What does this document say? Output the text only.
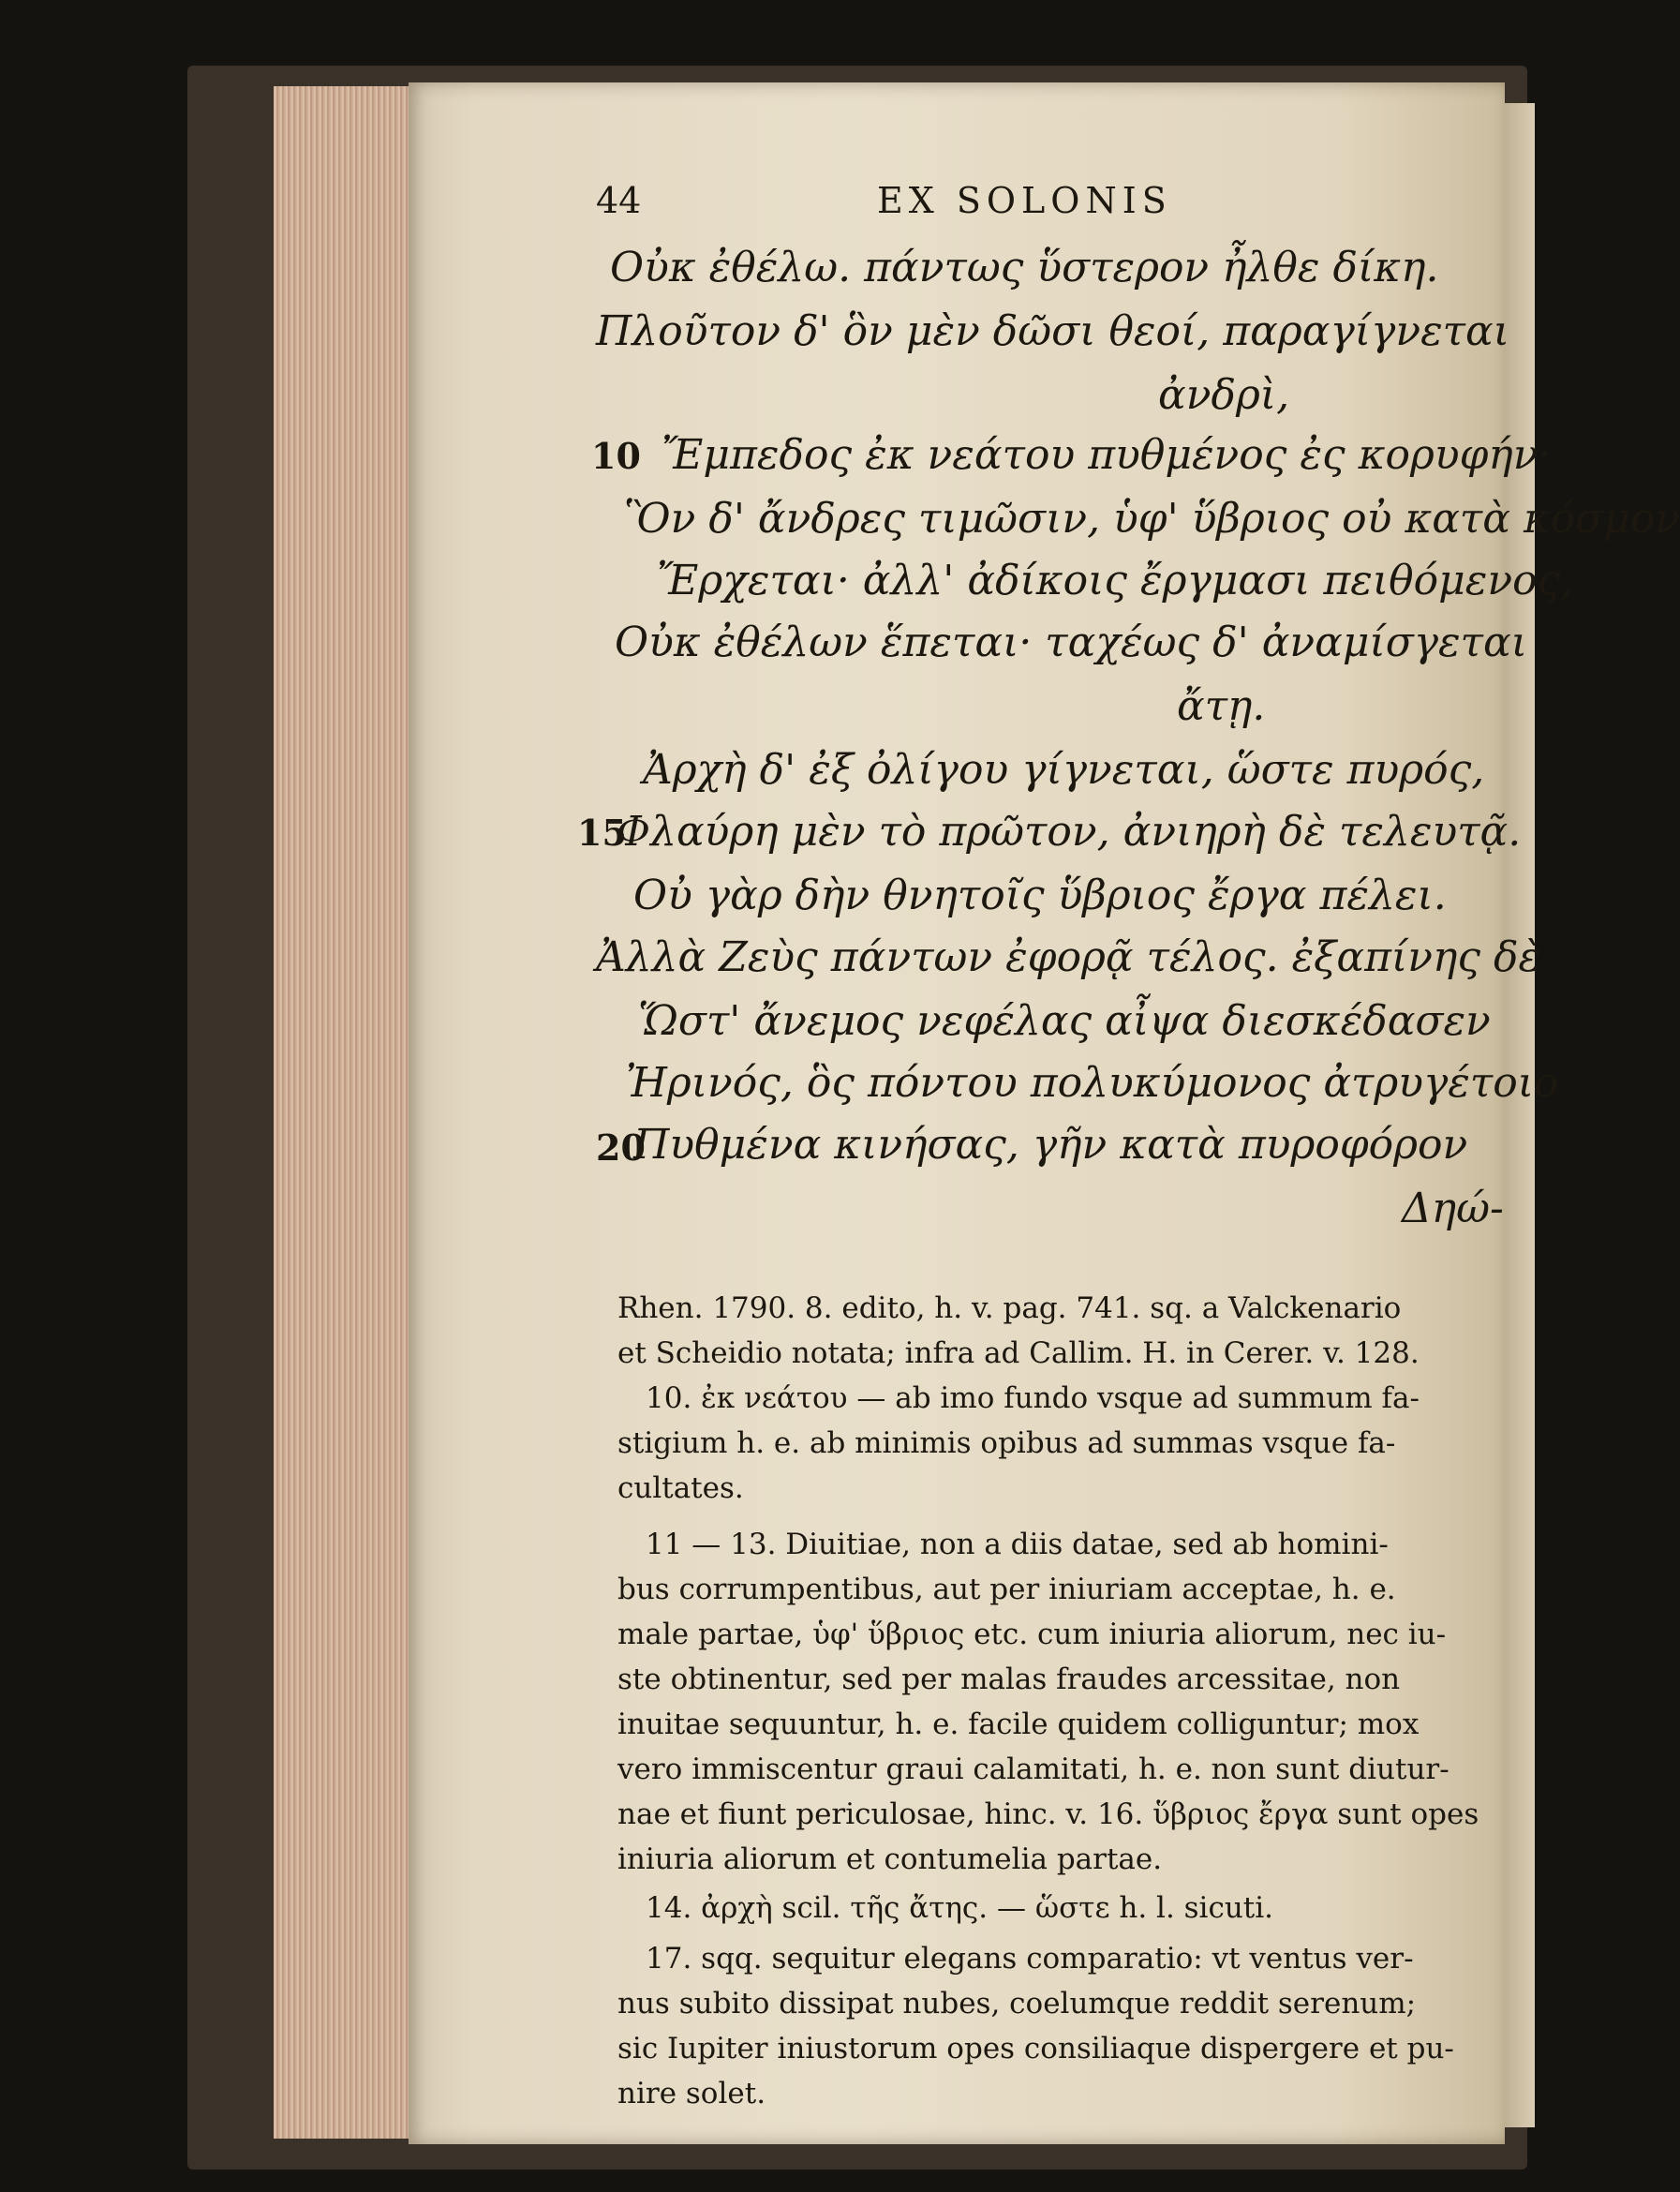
44	EX SOLONIS
Οὐκ ἐθέλω. πάντως ὕστερον ἦλθε δίκη.
Πλοῦτον δ' ὃν μὲν δῶσι θεοί, παραγίγνεται
ἀνδρὶ,
10 Ἔμπεδος ἐκ νεάτου πυθμένος ἐς κορυφήν·
Ὃν δ' ἄνδρες τιμῶσιν, ὑφ' ὕβριος οὐ κατὰ κόσμον
Ἔρχεται· ἀλλ' ἀδίκοις ἔργμασι πειθόμενος,
Οὐκ ἐθέλων ἕπεται· ταχέως δ' ἀναμίσγεται
ἄτῃ.
Ἀρχὴ δ' ἐξ ὀλίγου γίγνεται, ὥστε πυρός,
15
Φλαύρη μὲν τὸ πρῶτον, ἀνιηρὴ δὲ τελευτᾷ.
Οὐ γὰρ δὴν θνητοῖς ὕβριος ἔργα πέλει.
Ἀλλὰ Ζεὺς πάντων ἐφορᾷ τέλος. ἐξαπίνης δὲ
Ὥστ' ἄνεμος νεφέλας αἶψα διεσκέδασεν
Ἠρινός, ὃς πόντου πολυκύμονος ἀτρυγέτοιο
20
Πυθμένα κινήσας, γῆν κατὰ πυροφόρον
Δηώ-
Rhen. 1790. 8. edito, h. v. pag. 741. sq. a Valckenario
et Scheidio notata; infra ad Callim. H. in Cerer. v. 128.
10. ἐκ νεάτου — ab imo fundo vsque ad summum fa-
stigium h. e. ab minimis opibus ad summas vsque fa-
cultates.
11 — 13. Diuitiae, non a diis datae, sed ab homini-
bus corrumpentibus, aut per iniuriam acceptae, h. e.
male partae, ὑφ' ὕβριος etc. cum iniuria aliorum, nec iu-
ste obtinentur, sed per malas fraudes arcessitae, non
inuitae sequuntur, h. e. facile quidem colliguntur; mox
vero immiscentur graui calamitati, h. e. non sunt diutur-
nae et fiunt periculosae, hinc. v. 16. ὕβριος ἔργα sunt opes
iniuria aliorum et contumelia partae.
14. ἀρχὴ scil. τῆς ἄτης. — ὥστε h. l. sicuti.
17. sqq. sequitur elegans comparatio: vt ventus ver-
nus subito dissipat nubes, coelumque reddit serenum;
sic Iupiter iniustorum opes consiliaque dispergere et pu-
nire solet.
